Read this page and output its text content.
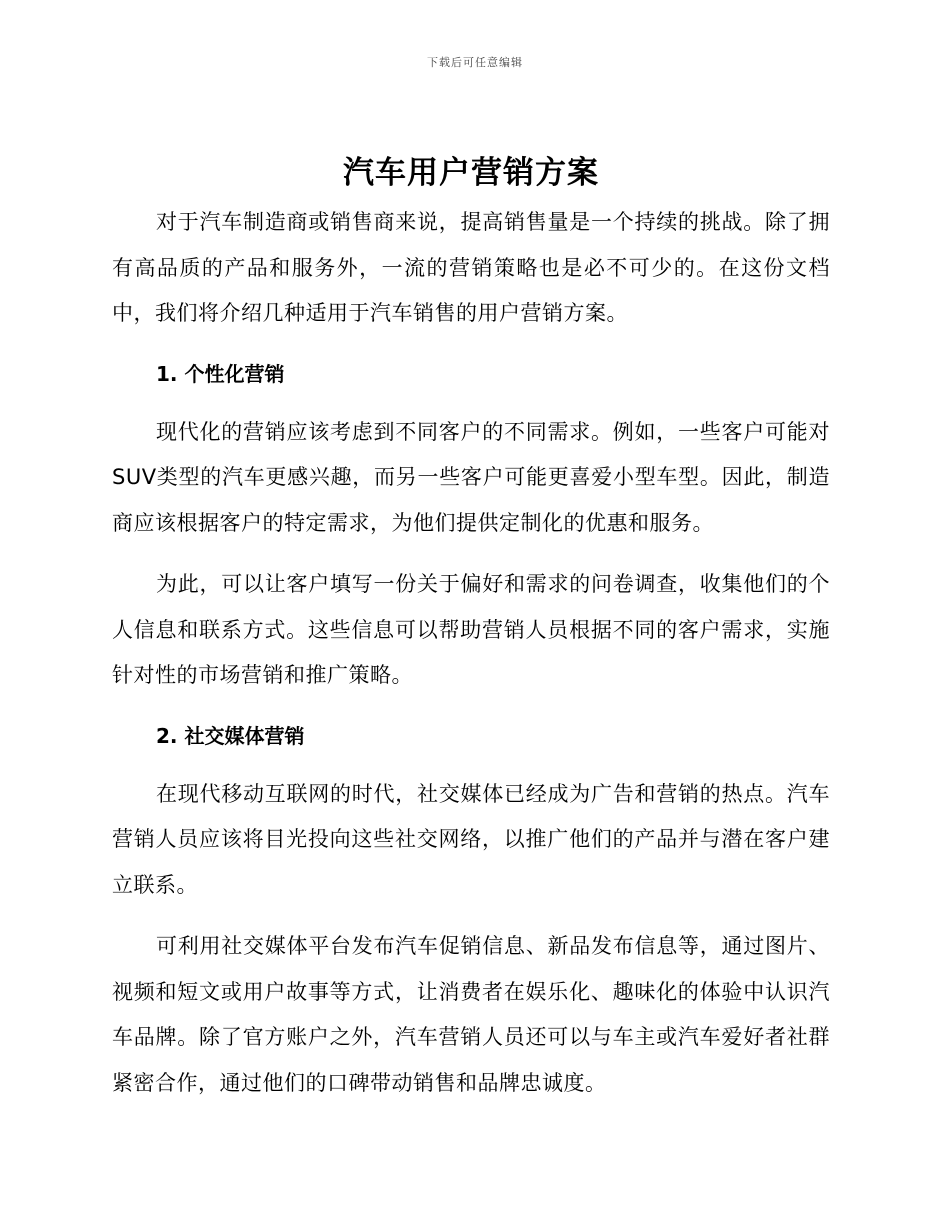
下载后可任意编辑
汽车用户营销方案

对于汽车制造商或销售商来说，提高销售量是一个持续的挑战。除了拥有高品质的产品和服务外，一流的营销策略也是必不可少的。在这份文档中，我们将介绍几种适用于汽车销售的用户营销方案。

1. 个性化营销

现代化的营销应该考虑到不同客户的不同需求。例如，一些客户可能对SUV类型的汽车更感兴趣，而另一些客户可能更喜爱小型车型。因此，制造商应该根据客户的特定需求，为他们提供定制化的优惠和服务。

为此，可以让客户填写一份关于偏好和需求的问卷调查，收集他们的个人信息和联系方式。这些信息可以帮助营销人员根据不同的客户需求，实施针对性的市场营销和推广策略。

2. 社交媒体营销

在现代移动互联网的时代，社交媒体已经成为广告和营销的热点。汽车营销人员应该将目光投向这些社交网络，以推广他们的产品并与潜在客户建立联系。

可利用社交媒体平台发布汽车促销信息、新品发布信息等，通过图片、视频和短文或用户故事等方式，让消费者在娱乐化、趣味化的体验中认识汽车品牌。除了官方账户之外，汽车营销人员还可以与车主或汽车爱好者社群紧密合作，通过他们的口碑带动销售和品牌忠诚度。
